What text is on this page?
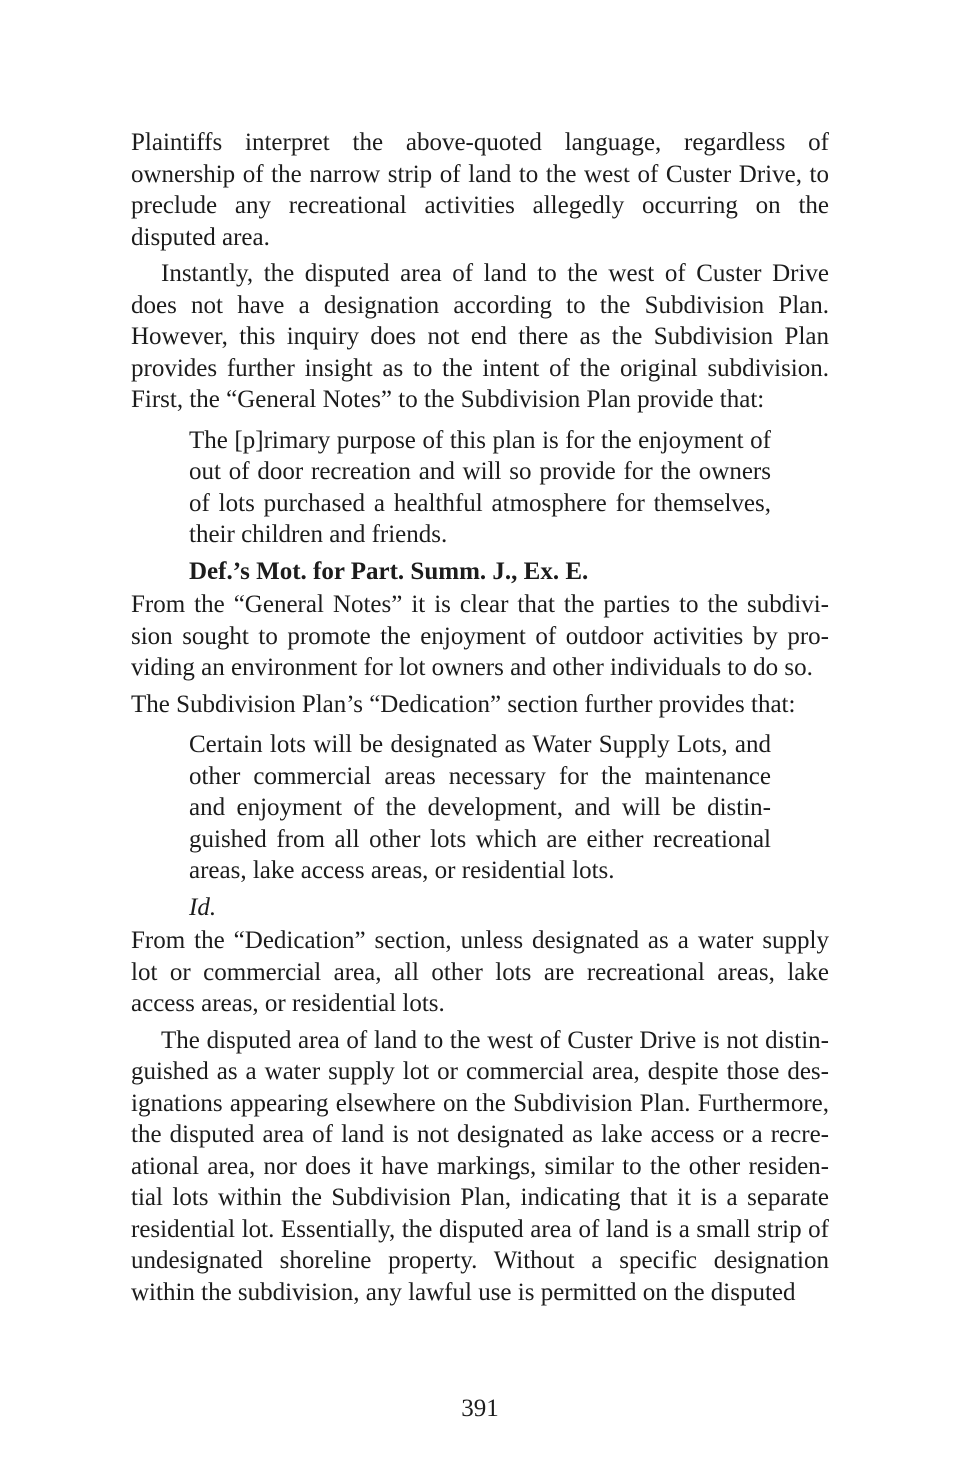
Plaintiffs interpret the above-quoted language, regardless of ownership of the narrow strip of land to the west of Custer Drive, to preclude any recreational activities allegedly occurring on the disputed area.

Instantly, the disputed area of land to the west of Custer Drive does not have a designation according to the Subdivision Plan. However, this inquiry does not end there as the Subdivision Plan provides further insight as to the intent of the original subdivision. First, the “General Notes” to the Subdivision Plan provide that:

The [p]rimary purpose of this plan is for the enjoyment of out of door recreation and will so provide for the owners of lots purchased a healthful atmosphere for themselves, their children and friends.

Def.’s Mot. for Part. Summ. J., Ex. E.

From the “General Notes” it is clear that the parties to the subdivision sought to promote the enjoyment of outdoor activities by providing an environment for lot owners and other individuals to do so.

The Subdivision Plan’s “Dedication” section further provides that:

Certain lots will be designated as Water Supply Lots, and other commercial areas necessary for the maintenance and enjoyment of the development, and will be distinguished from all other lots which are either recreational areas, lake access areas, or residential lots.

Id.

From the “Dedication” section, unless designated as a water supply lot or commercial area, all other lots are recreational areas, lake access areas, or residential lots.

The disputed area of land to the west of Custer Drive is not distinguished as a water supply lot or commercial area, despite those designations appearing elsewhere on the Subdivision Plan. Furthermore, the disputed area of land is not designated as lake access or a recreational area, nor does it have markings, similar to the other residential lots within the Subdivision Plan, indicating that it is a separate residential lot. Essentially, the disputed area of land is a small strip of undesignated shoreline property. Without a specific designation within the subdivision, any lawful use is permitted on the disputed

391
